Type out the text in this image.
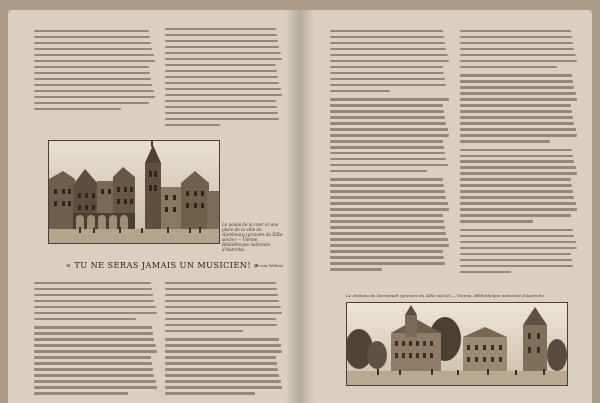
Le palais de la cour et une place de la ville de Hambourg (gravure du XIXe siècle) — Vienne, Bibliothèque nationale d'Autriche.
« TU NE SERAS JAMAIS UN MUSICIEN! »
(F. von Weber)
Le château de Darmstadt (gravure du XIXe siècle) — Vienne, Bibliothèque nationale d'Autriche.
